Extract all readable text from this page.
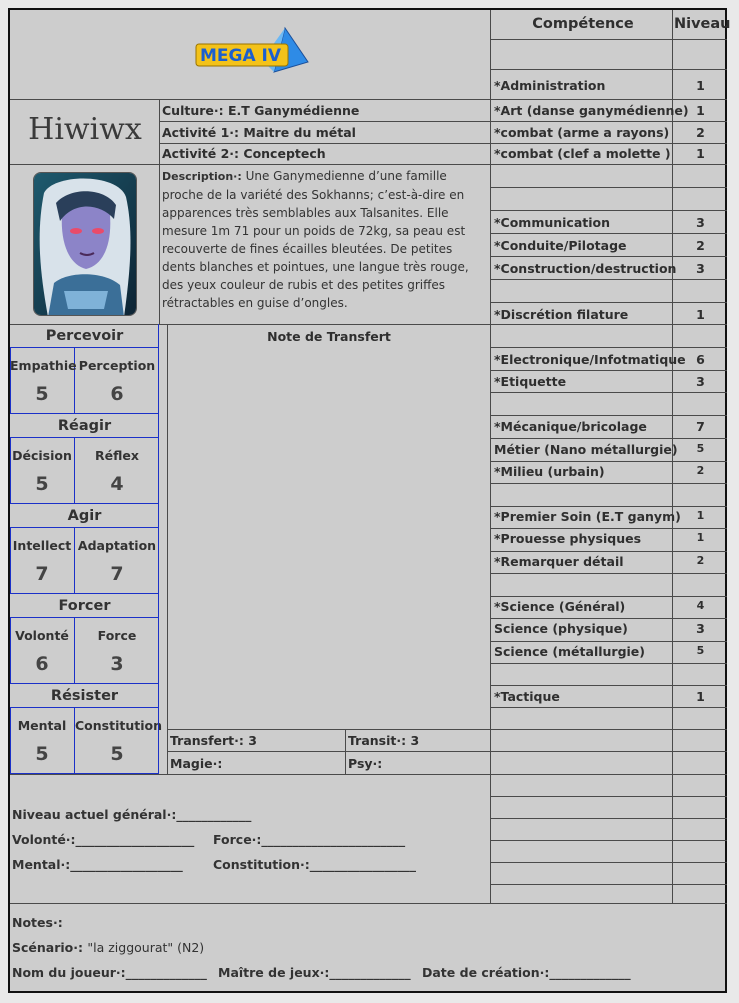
MEGA IV
Compétence	Niveau
Hiwiwx
Culture·: E.T Ganymédienne
Activité 1·: Maitre du métal
Activité 2·: Conceptech
Description·: Une Ganymedienne d’une famille proche de la variété des Sokhanns; c’est-à-dire en apparences très semblables aux Talsanites. Elle mesure 1m 71 pour un poids de 72kg, sa peau est recouverte de fines écailles bleutées. De petites dents blanches et pointues, une langue très rouge, des yeux couleur de rubis et des petites griffes rétractables en guise d’ongles.
Percevoir
Empathie Perception
5	6
Réagir
Décision	Réflex
5	4
Agir
Intellect Adaptation
7	7
Forcer
Volonté	Force
6	3
Résister
Mental Constitution
5	5
Note de Transfert
Transfert·: 3	Transit·: 3
Magie·:	Psy·:
*Administration	1
*Art (danse ganymédienne) 1
*combat (arme a rayons)	2
*combat (clef a molette )	1
*Communication	3
*Conduite/Pilotage	2
*Construction/destruction	3
*Discrétion filature	1
*Electronique/Infotmatique 6
*Etiquette	3
*Mécanique/bricolage	7
Métier (Nano métallurgie)	5
*Milieu (urbain)	2
*Premier Soin (E.T ganym)	1
*Prouesse physiques	1
*Remarquer détail	2
*Science (Général)	4
Science (physique)	3
Science (métallurgie)	5
*Tactique	1
Niveau actuel général·:____________
Volonté·:___________________ Force·:_______________________
Mental·:__________________ Constitution·:_________________
Notes·:
Scénario·: "la ziggourat" (N2)
Nom du joueur·:_____________ Maître de jeux·:_____________ Date de création·:_____________
